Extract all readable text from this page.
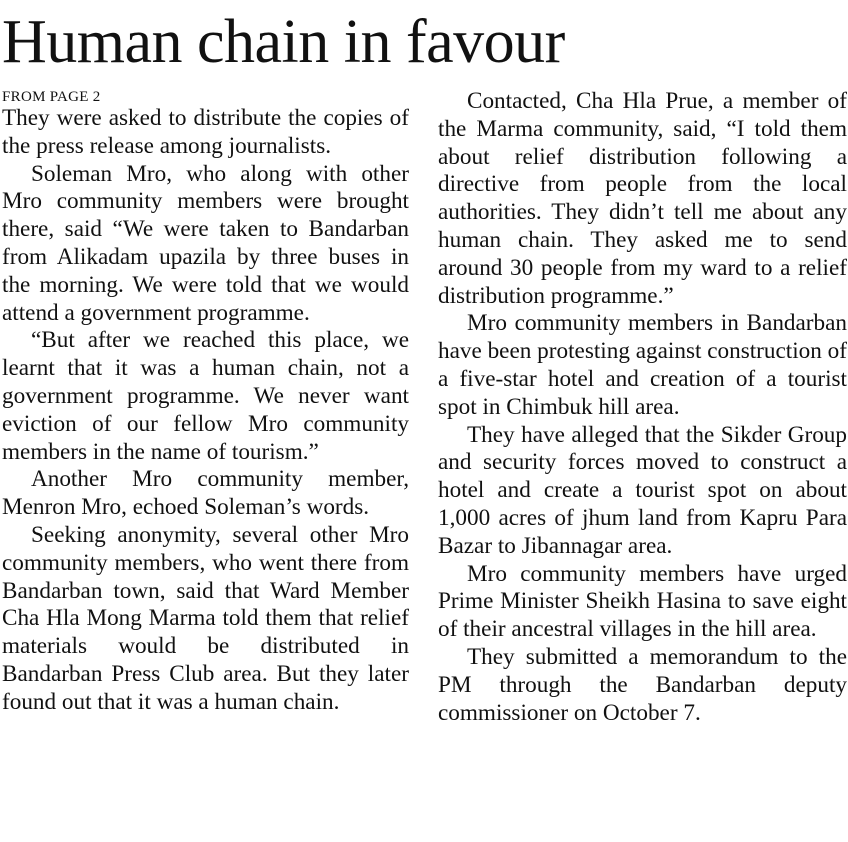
Human chain in favour
FROM PAGE 2

They were asked to distribute the copies of the press release among journalists.

Soleman Mro, who along with other Mro community members were brought there, said “We were taken to Bandarban from Alikadam upazila by three buses in the morning. We were told that we would attend a government programme.

“But after we reached this place, we learnt that it was a human chain, not a government programme. We never want eviction of our fellow Mro community members in the name of tourism.”

Another Mro community member, Menron Mro, echoed Soleman’s words.

Seeking anonymity, several other Mro community members, who went there from Bandarban town, said that Ward Member Cha Hla Mong Marma told them that relief materials would be distributed in Bandarban Press Club area. But they later found out that it was a human chain.

Contacted, Cha Hla Prue, a member of the Marma community, said, “I told them about relief distribution following a directive from people from the local authorities. They didn’t tell me about any human chain. They asked me to send around 30 people from my ward to a relief distribution programme.”

Mro community members in Bandarban have been protesting against construction of a five-star hotel and creation of a tourist spot in Chimbuk hill area.

They have alleged that the Sikder Group and security forces moved to construct a hotel and create a tourist spot on about 1,000 acres of jhum land from Kapru Para Bazar to Jibannagar area.

Mro community members have urged Prime Minister Sheikh Hasina to save eight of their ancestral villages in the hill area.

They submitted a memorandum to the PM through the Bandarban deputy commissioner on October 7.
